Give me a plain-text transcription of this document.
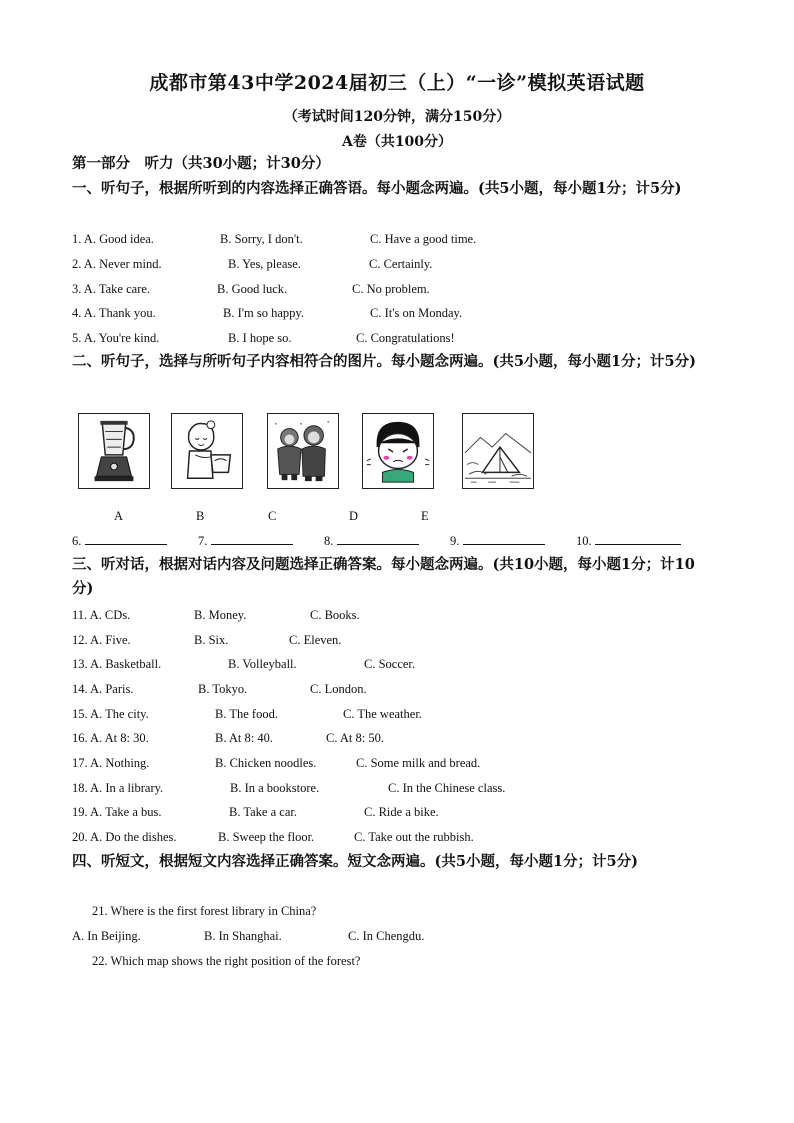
成都市第43中学2024届初三（上）“一诊”模拟英语试题
（考试时间120分钟，满分150分）
A卷（共100分）
第一部分　听力（共30小题；计30分）
一、听句子，根据所听到的内容选择正确答语。每小题念两遍。(共5小题，每小题1分；计5分)
1. A. Good idea.	B. Sorry, I don't.	C. Have a good time.
2. A. Never mind.	B. Yes, please.	C. Certainly.
3. A. Take care.	B. Good luck.	C. No problem.
4. A. Thank you.	B. I'm so happy.	C. It's on Monday.
5. A. You're kind.	B. I hope so.	C. Congratulations!
二、听句子，选择与所听句子内容相符合的图片。每小题念两遍。(共5小题，每小题1分；计5分)
A	B	C	D	E
6.	7.	8.	9.	10.
三、听对话，根据对话内容及问题选择正确答案。每小题念两遍。(共10小题，每小题1分；计10分)
11. A. CDs.	B. Money.	C. Books.
12. A. Five.	B. Six.	C. Eleven.
13. A. Basketball.	B. Volleyball.	C. Soccer.
14. A. Paris.	B. Tokyo.	C. London.
15. A. The city.	B. The food.	C. The weather.
16. A. At 8: 30.	B. At 8: 40.	C. At 8: 50.
17. A. Nothing.	B. Chicken noodles.	C. Some milk and bread.
18. A. In a library.	B. In a bookstore.	C. In the Chinese class.
19. A. Take a bus.	B. Take a car.	C. Ride a bike.
20. A. Do the dishes.	B. Sweep the floor.	C. Take out the rubbish.
四、听短文，根据短文内容选择正确答案。短文念两遍。(共5小题，每小题1分；计5分)
21. Where is the first forest library in China?
A. In Beijing.	B. In Shanghai.	C. In Chengdu.
22. Which map shows the right position of the forest?
